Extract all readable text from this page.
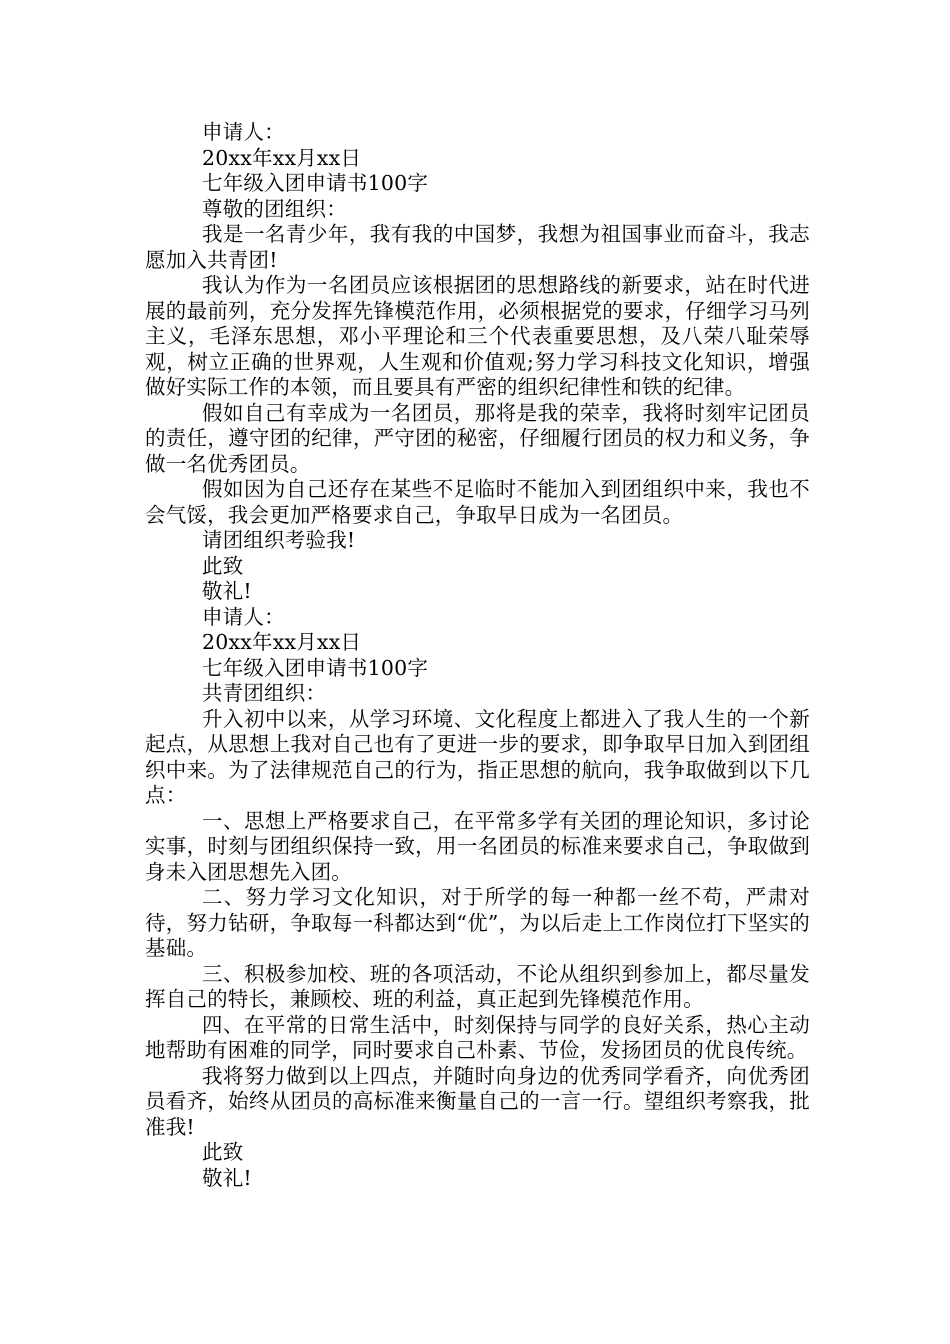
申请人：

20xx年xx月xx日

七年级入团申请书100字

尊敬的团组织：

我是一名青少年，我有我的中国梦，我想为祖国事业而奋斗，我志愿加入共青团!

我认为作为一名团员应该根据团的思想路线的新要求，站在时代进展的最前列，充分发挥先锋模范作用，必须根据党的要求，仔细学习马列主义，毛泽东思想，邓小平理论和三个代表重要思想，及八荣八耻荣辱观，树立正确的世界观，人生观和价值观;努力学习科技文化知识，增强做好实际工作的本领，而且要具有严密的组织纪律性和铁的纪律。

假如自己有幸成为一名团员，那将是我的荣幸，我将时刻牢记团员的责任，遵守团的纪律，严守团的秘密，仔细履行团员的权力和义务，争做一名优秀团员。

假如因为自己还存在某些不足临时不能加入到团组织中来，我也不会气馁，我会更加严格要求自己，争取早日成为一名团员。

请团组织考验我!

此致

敬礼!

申请人：

20xx年xx月xx日

七年级入团申请书100字

共青团组织：

升入初中以来，从学习环境、文化程度上都进入了我人生的一个新起点，从思想上我对自己也有了更进一步的要求，即争取早日加入到团组织中来。为了法律规范自己的行为，指正思想的航向，我争取做到以下几点：

一、思想上严格要求自己，在平常多学有关团的理论知识，多讨论实事，时刻与团组织保持一致，用一名团员的标准来要求自己，争取做到身未入团思想先入团。

二、努力学习文化知识，对于所学的每一种都一丝不苟，严肃对待，努力钻研，争取每一科都达到“优”，为以后走上工作岗位打下坚实的基础。

三、积极参加校、班的各项活动，不论从组织到参加上，都尽量发挥自己的特长，兼顾校、班的利益，真正起到先锋模范作用。

四、在平常的日常生活中，时刻保持与同学的良好关系，热心主动地帮助有困难的同学，同时要求自己朴素、节俭，发扬团员的优良传统。

我将努力做到以上四点，并随时向身边的优秀同学看齐，向优秀团员看齐，始终从团员的高标准来衡量自己的一言一行。望组织考察我，批准我!

此致

敬礼!
